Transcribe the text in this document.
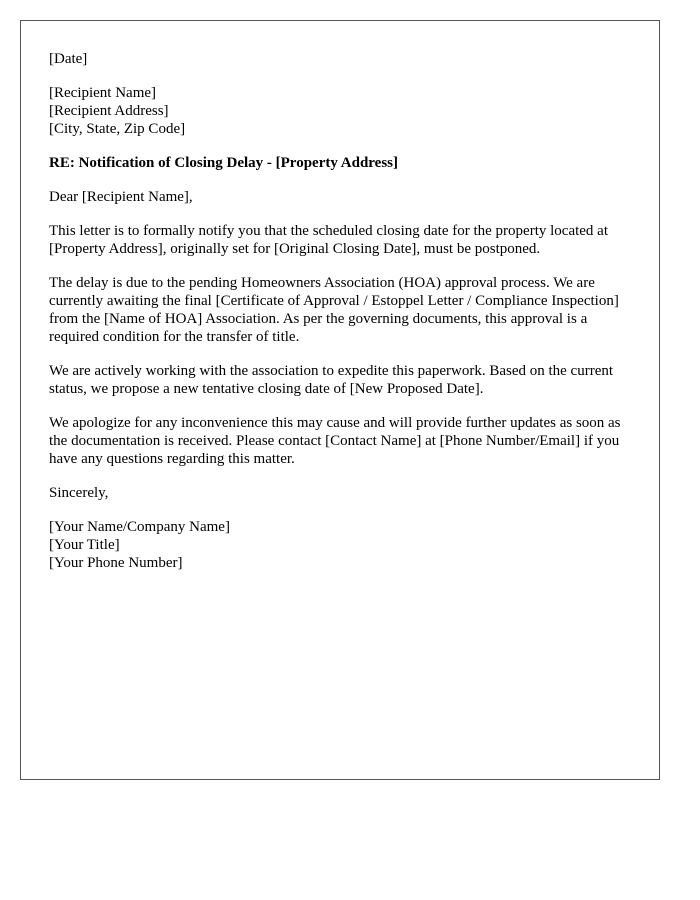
[Date]

[Recipient Name]
[Recipient Address]
[City, State, Zip Code]

RE: Notification of Closing Delay - [Property Address]

Dear [Recipient Name],

This letter is to formally notify you that the scheduled closing date for the property located at [Property Address], originally set for [Original Closing Date], must be postponed.

The delay is due to the pending Homeowners Association (HOA) approval process. We are currently awaiting the final [Certificate of Approval / Estoppel Letter / Compliance Inspection] from the [Name of HOA] Association. As per the governing documents, this approval is a required condition for the transfer of title.

We are actively working with the association to expedite this paperwork. Based on the current status, we propose a new tentative closing date of [New Proposed Date].

We apologize for any inconvenience this may cause and will provide further updates as soon as the documentation is received. Please contact [Contact Name] at [Phone Number/Email] if you have any questions regarding this matter.

Sincerely,

[Your Name/Company Name]
[Your Title]
[Your Phone Number]
